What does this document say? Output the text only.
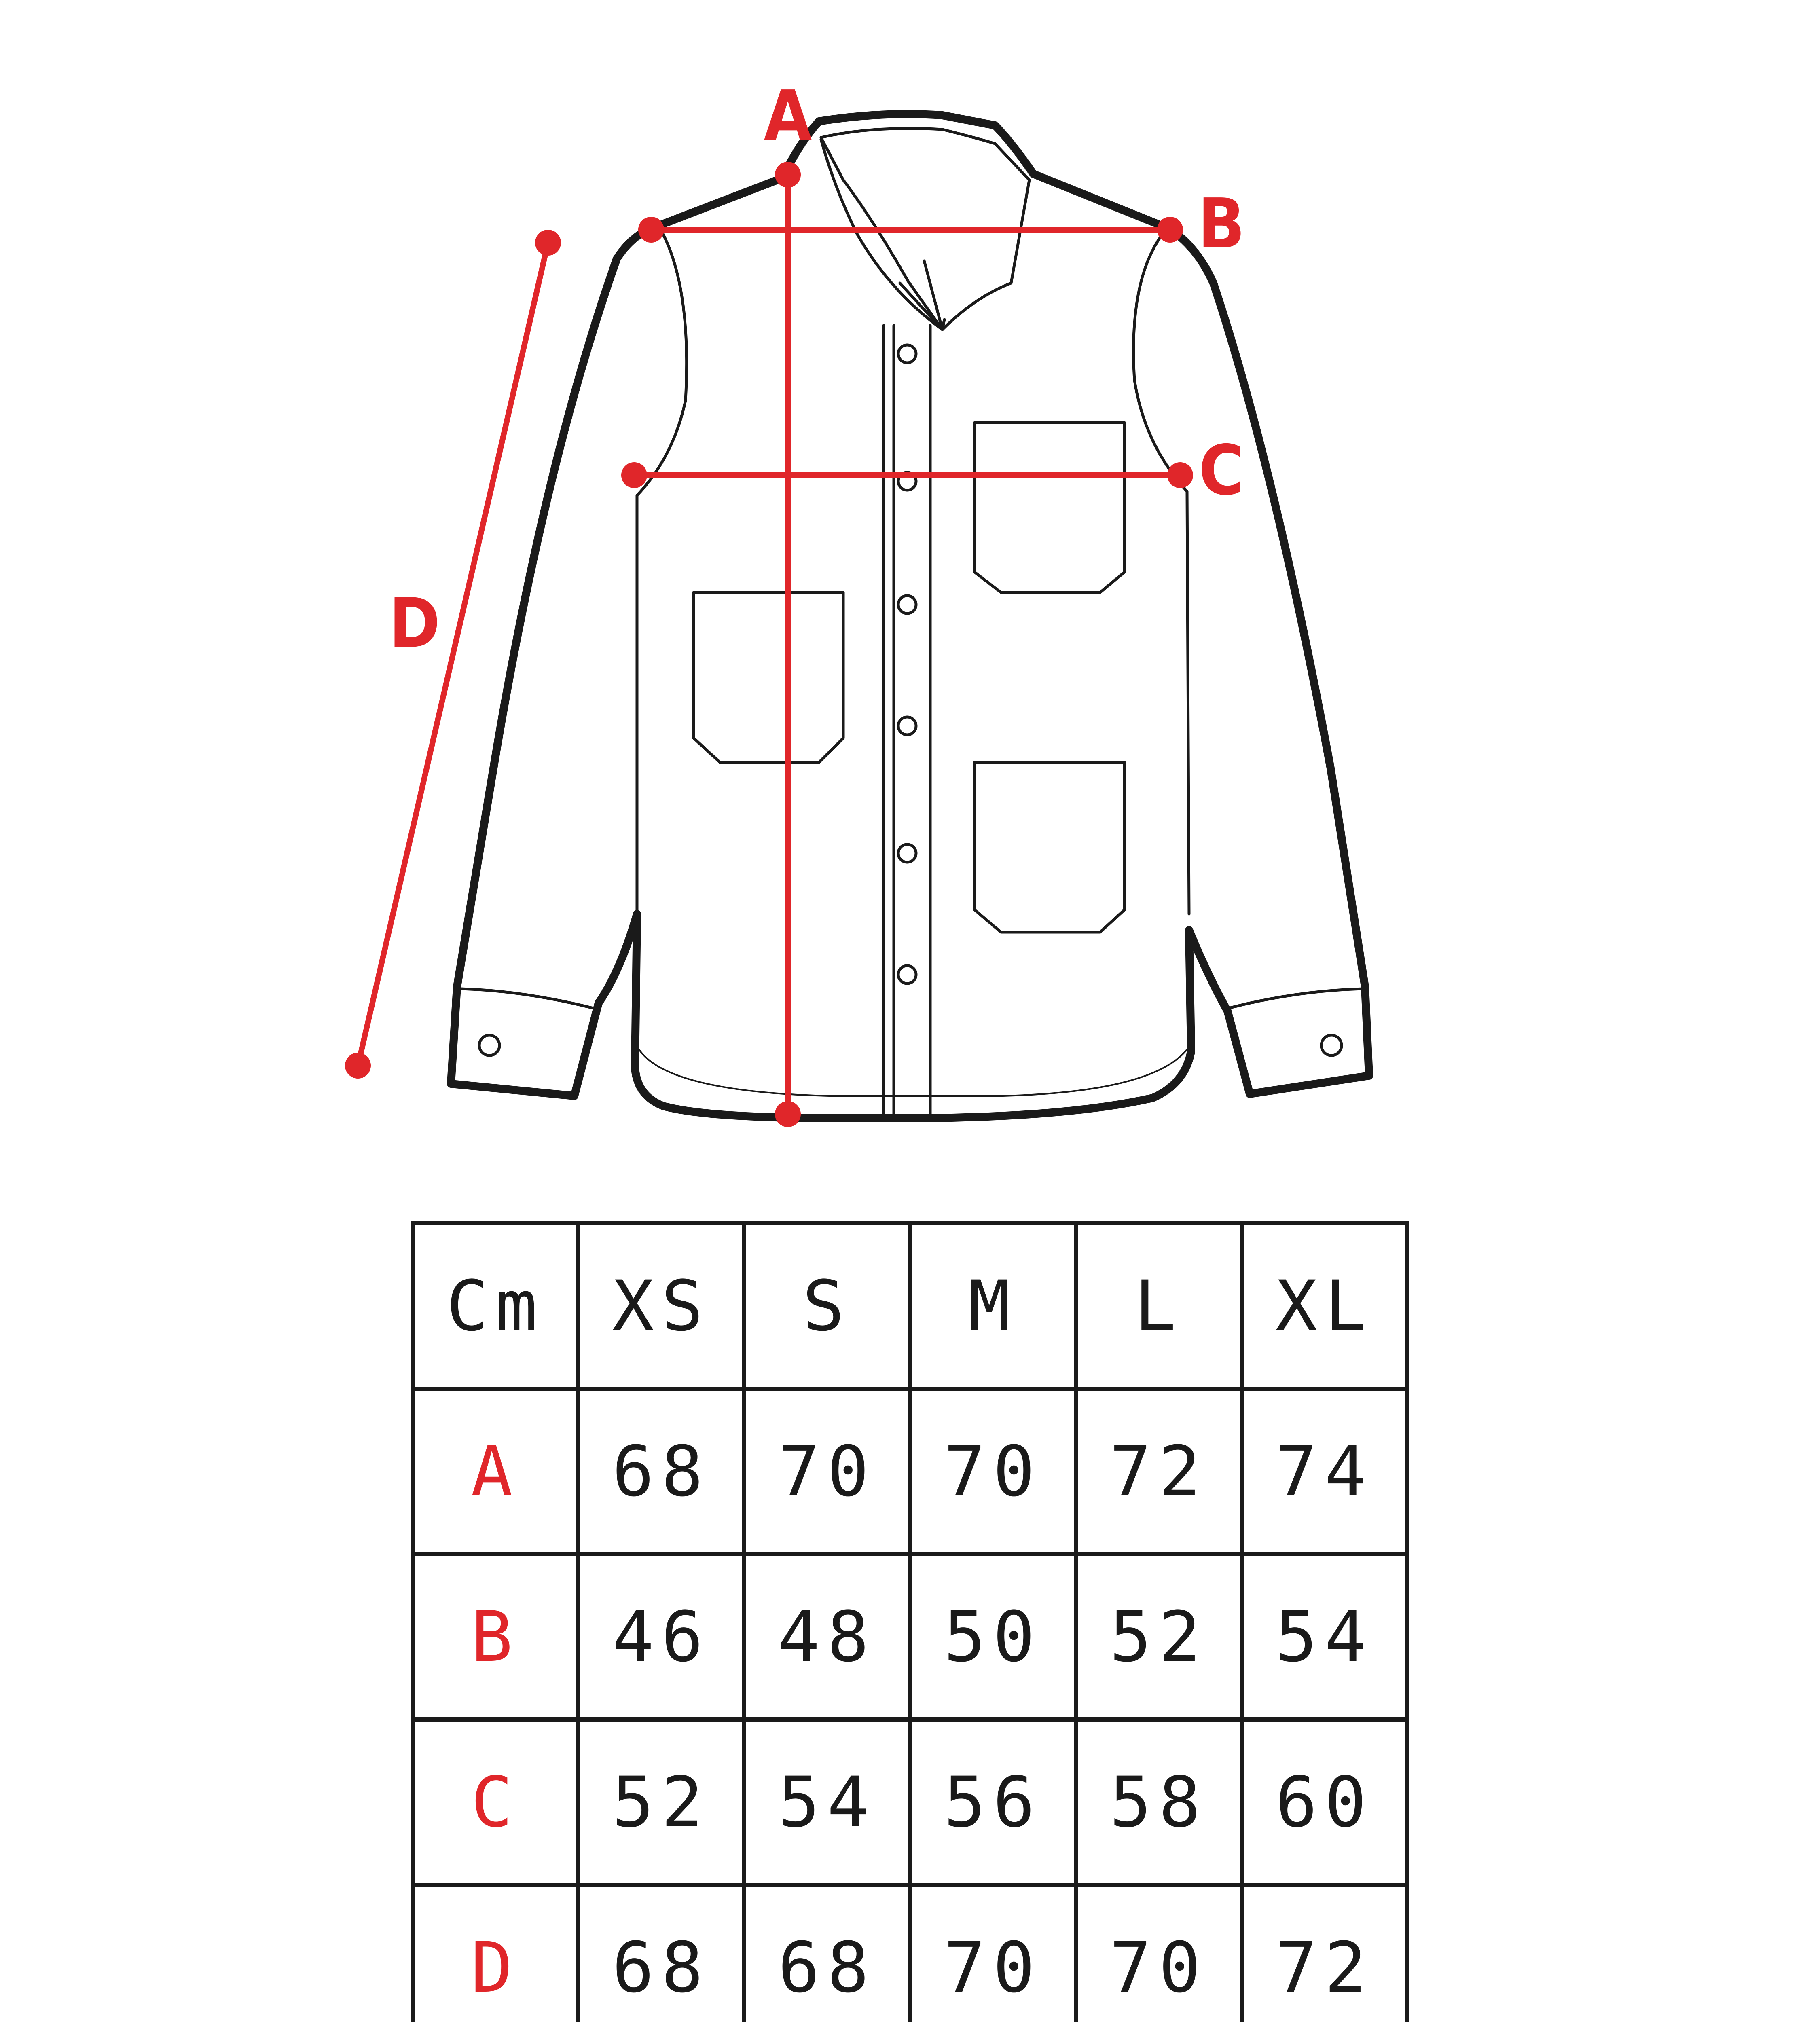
A
B
C
D
Cm	XS	S	M	L	XL
A	68	70	70	72	74
B	46	48	50	52	54
C	52	54	56	58	60
D	68	68	70	70	72
